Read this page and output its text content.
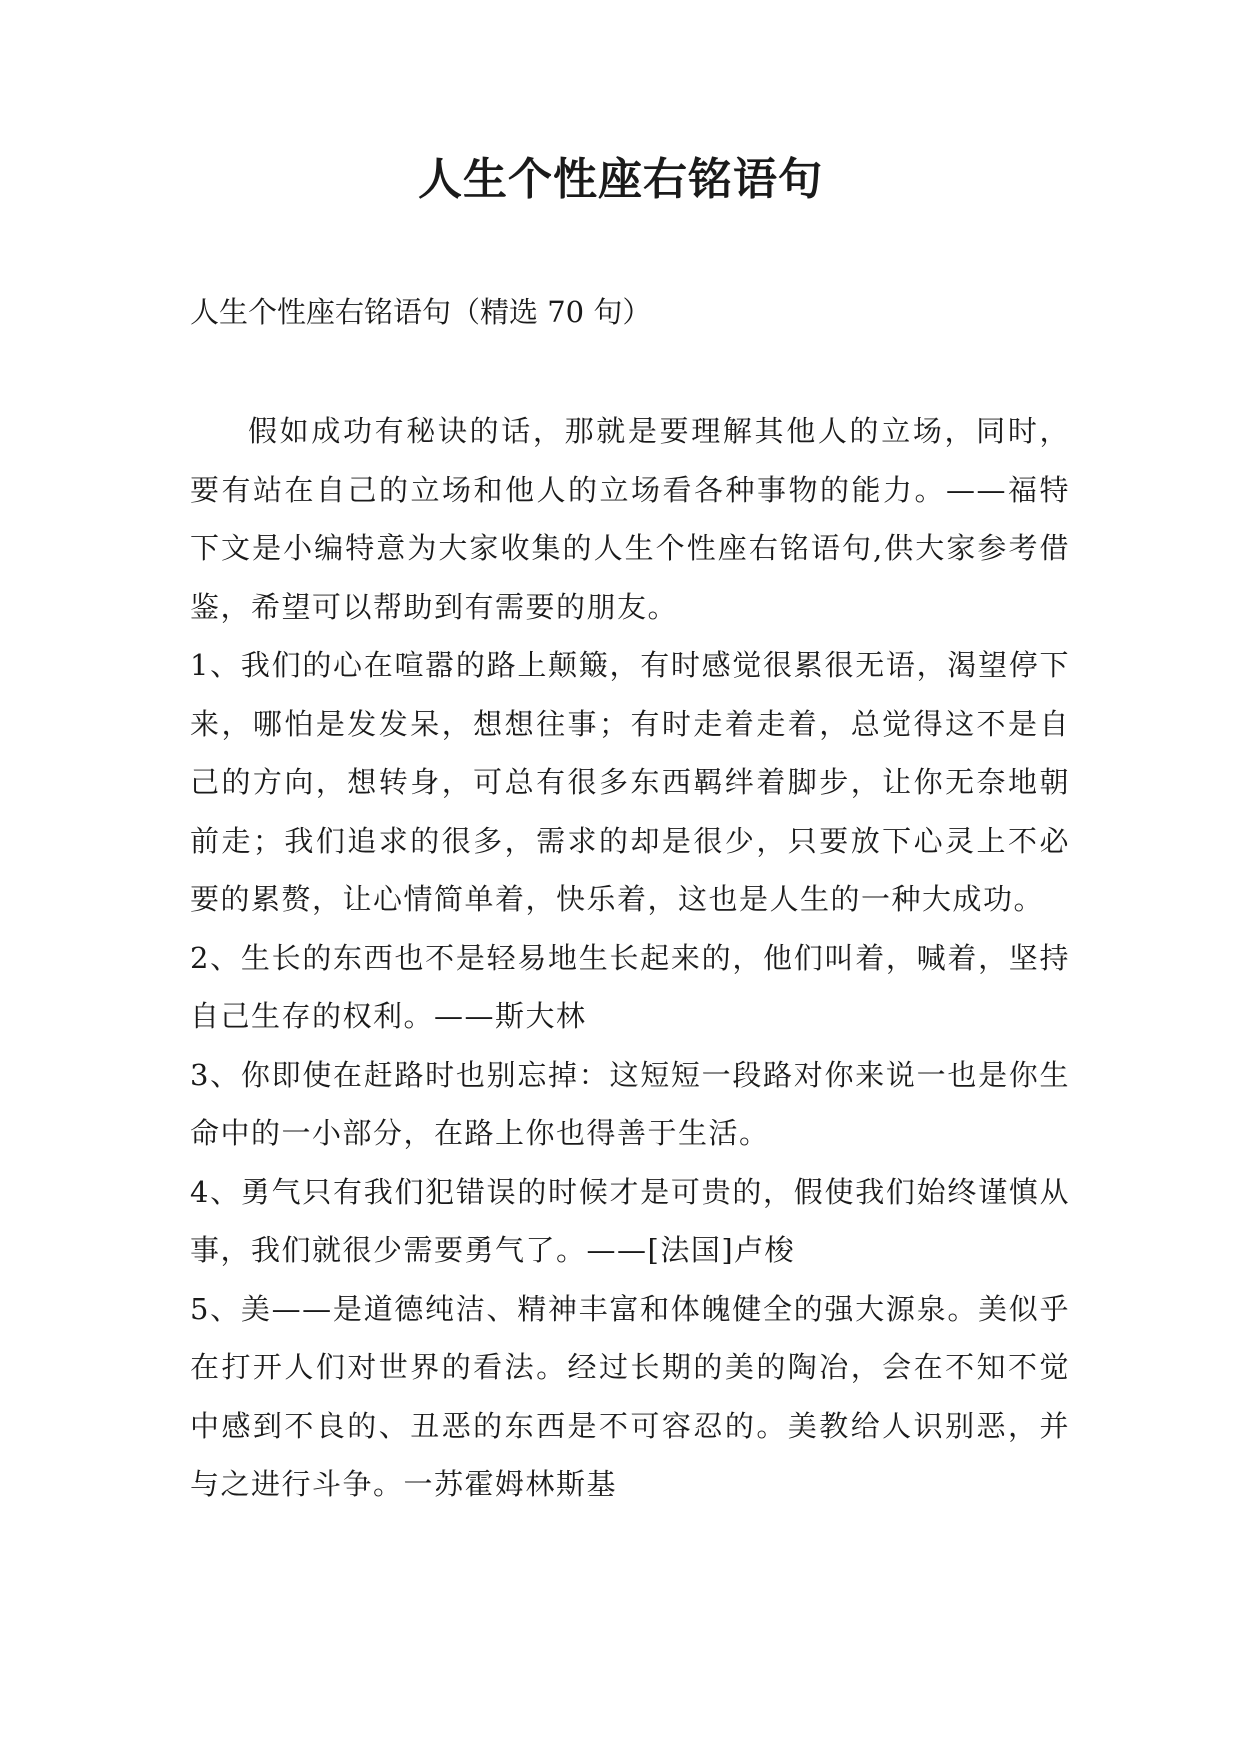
人生个性座右铭语句
人生个性座右铭语句（精选 70 句）

假如成功有秘诀的话，那就是要理解其他人的立场，同时，要有站在自己的立场和他人的立场看各种事物的能力。——福特下文是小编特意为大家收集的人生个性座右铭语句,供大家参考借鉴，希望可以帮助到有需要的朋友。

1、我们的心在喧嚣的路上颠簸，有时感觉很累很无语，渴望停下来，哪怕是发发呆，想想往事；有时走着走着，总觉得这不是自己的方向，想转身，可总有很多东西羁绊着脚步，让你无奈地朝前走；我们追求的很多，需求的却是很少，只要放下心灵上不必要的累赘，让心情简单着，快乐着，这也是人生的一种大成功。

2、生长的东西也不是轻易地生长起来的，他们叫着，喊着，坚持自己生存的权利。——斯大林

3、你即使在赶路时也别忘掉：这短短一段路对你来说一也是你生命中的一小部分，在路上你也得善于生活。

4、勇气只有我们犯错误的时候才是可贵的，假使我们始终谨慎从事，我们就很少需要勇气了。——[法国]卢梭

5、美——是道德纯洁、精神丰富和体魄健全的强大源泉。美似乎在打开人们对世界的看法。经过长期的美的陶冶，会在不知不觉中感到不良的、丑恶的东西是不可容忍的。美教给人识别恶，并与之进行斗争。一苏霍姆林斯基
